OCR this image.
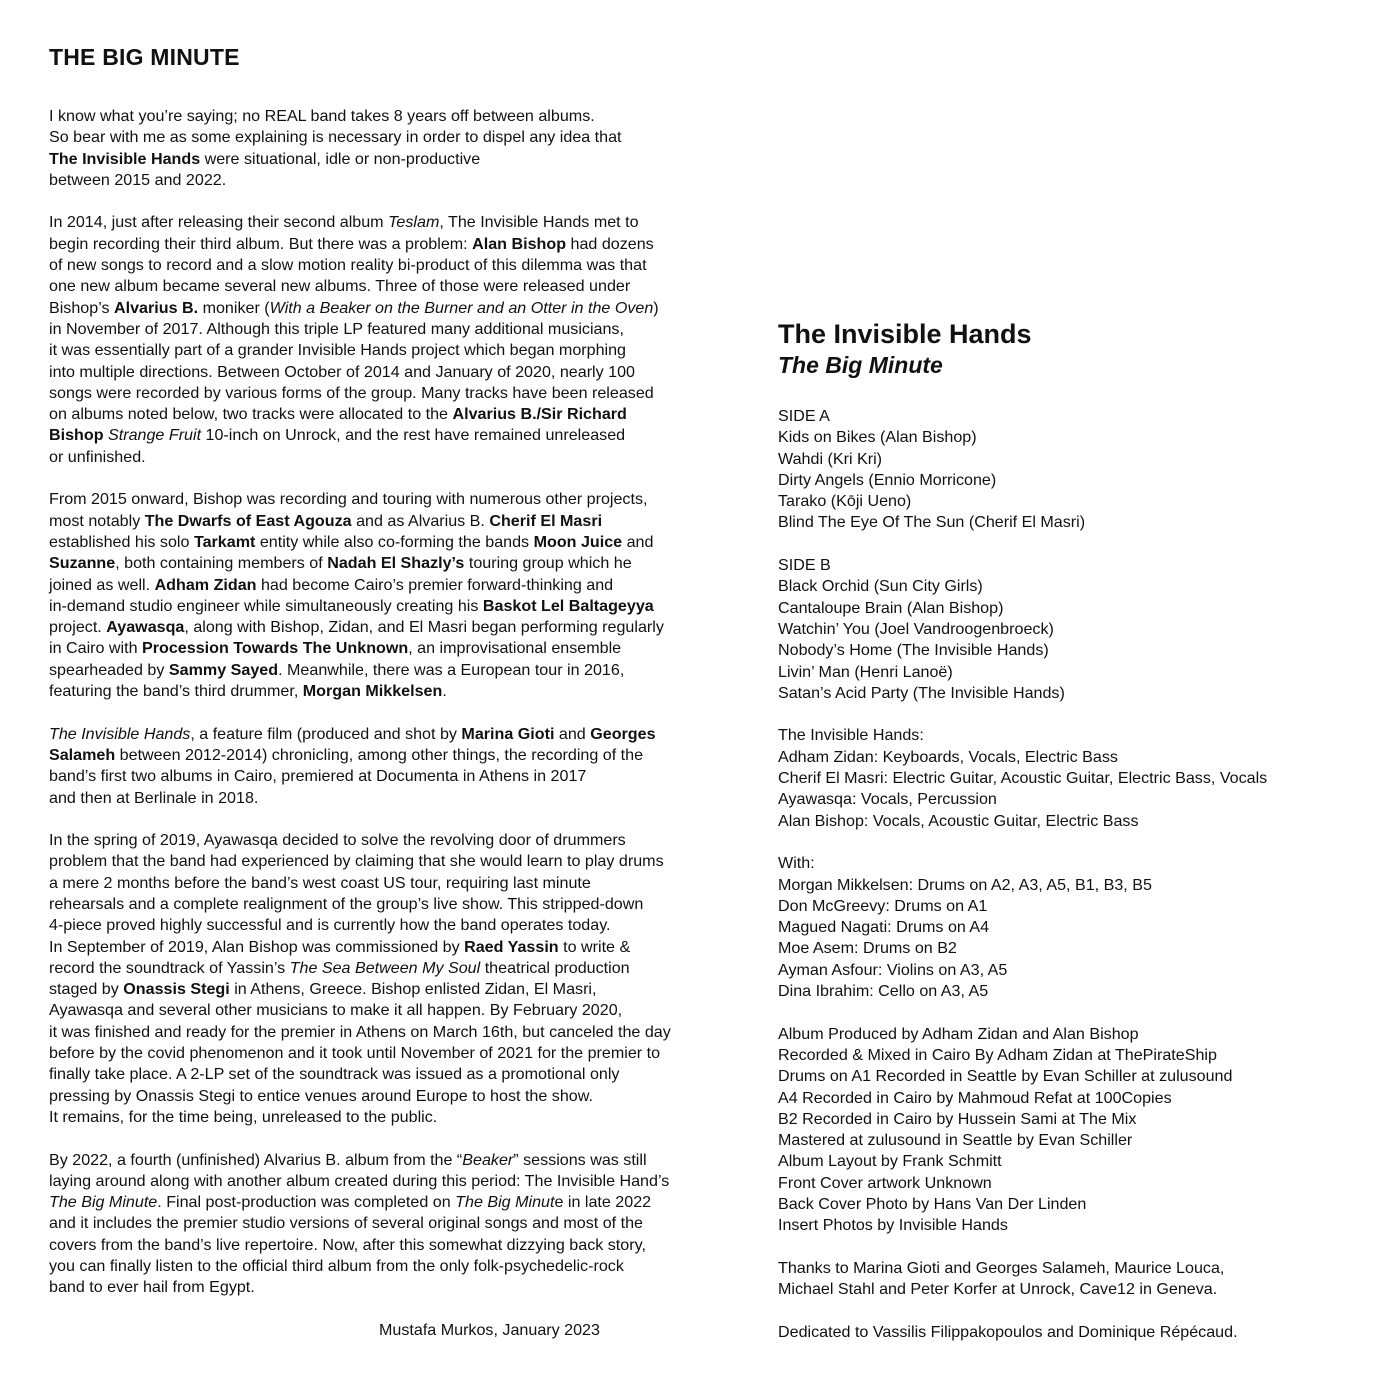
THE BIG MINUTE

I know what you’re saying; no REAL band takes 8 years off between albums.
So bear with me as some explaining is necessary in order to dispel any idea that
The Invisible Hands were situational, idle or non-productive
between 2015 and 2022.

In 2014, just after releasing their second album Teslam, The Invisible Hands met to
begin recording their third album. But there was a problem: Alan Bishop had dozens
of new songs to record and a slow motion reality bi-product of this dilemma was that
one new album became several new albums. Three of those were released under
Bishop’s Alvarius B. moniker (With a Beaker on the Burner and an Otter in the Oven)
in November of 2017. Although this triple LP featured many additional musicians,
it was essentially part of a grander Invisible Hands project which began morphing
into multiple directions. Between October of 2014 and January of 2020, nearly 100
songs were recorded by various forms of the group. Many tracks have been released
on albums noted below, two tracks were allocated to the Alvarius B./Sir Richard
Bishop Strange Fruit 10-inch on Unrock, and the rest have remained unreleased
or unfinished.

From 2015 onward, Bishop was recording and touring with numerous other projects,
most notably The Dwarfs of East Agouza and as Alvarius B. Cherif El Masri
established his solo Tarkamt entity while also co-forming the bands Moon Juice and
Suzanne, both containing members of Nadah El Shazly’s touring group which he
joined as well. Adham Zidan had become Cairo’s premier forward-thinking and
in-demand studio engineer while simultaneously creating his Baskot Lel Baltageyya
project. Ayawasqa, along with Bishop, Zidan, and El Masri began performing regularly
in Cairo with Procession Towards The Unknown, an improvisational ensemble
spearheaded by Sammy Sayed. Meanwhile, there was a European tour in 2016,
featuring the band’s third drummer, Morgan Mikkelsen.

The Invisible Hands, a feature film (produced and shot by Marina Gioti and Georges
Salameh between 2012-2014) chronicling, among other things, the recording of the
band’s first two albums in Cairo, premiered at Documenta in Athens in 2017
and then at Berlinale in 2018.

In the spring of 2019, Ayawasqa decided to solve the revolving door of drummers
problem that the band had experienced by claiming that she would learn to play drums
a mere 2 months before the band’s west coast US tour, requiring last minute
rehearsals and a complete realignment of the group’s live show. This stripped-down
4-piece proved highly successful and is currently how the band operates today.
In September of 2019, Alan Bishop was commissioned by Raed Yassin to write &
record the soundtrack of Yassin’s The Sea Between My Soul theatrical production
staged by Onassis Stegi in Athens, Greece. Bishop enlisted Zidan, El Masri,
Ayawasqa and several other musicians to make it all happen. By February 2020,
it was finished and ready for the premier in Athens on March 16th, but canceled the day
before by the covid phenomenon and it took until November of 2021 for the premier to
finally take place. A 2-LP set of the soundtrack was issued as a promotional only
pressing by Onassis Stegi to entice venues around Europe to host the show.
It remains, for the time being, unreleased to the public.

By 2022, a fourth (unfinished) Alvarius B. album from the “Beaker” sessions was still
laying around along with another album created during this period: The Invisible Hand’s
The Big Minute. Final post-production was completed on The Big Minute in late 2022
and it includes the premier studio versions of several original songs and most of the
covers from the band’s live repertoire. Now, after this somewhat dizzying back story,
you can finally listen to the official third album from the only folk-psychedelic-rock
band to ever hail from Egypt.

Mustafa Murkos, January 2023
The Invisible Hands
The Big Minute
SIDE A
Kids on Bikes (Alan Bishop)
Wahdi (Kri Kri)
Dirty Angels (Ennio Morricone)
Tarako (Kōji Ueno)
Blind The Eye Of The Sun (Cherif El Masri)
SIDE B
Black Orchid (Sun City Girls)
Cantaloupe Brain (Alan Bishop)
Watchin’ You (Joel Vandroogenbroeck)
Nobody’s Home (The Invisible Hands)
Livin’ Man (Henri Lanoë)
Satan’s Acid Party (The Invisible Hands)
The Invisible Hands:
Adham Zidan: Keyboards, Vocals, Electric Bass
Cherif El Masri: Electric Guitar, Acoustic Guitar, Electric Bass, Vocals
Ayawasqa: Vocals, Percussion
Alan Bishop: Vocals, Acoustic Guitar, Electric Bass
With:
Morgan Mikkelsen: Drums on A2, A3, A5, B1, B3, B5
Don McGreevy: Drums on A1
Magued Nagati: Drums on A4
Moe Asem: Drums on B2
Ayman Asfour: Violins on A3, A5
Dina Ibrahim: Cello on A3, A5
Album Produced by Adham Zidan and Alan Bishop
Recorded & Mixed in Cairo By Adham Zidan at ThePirateShip
Drums on A1 Recorded in Seattle by Evan Schiller at zulusound
A4 Recorded in Cairo by Mahmoud Refat at 100Copies
B2 Recorded in Cairo by Hussein Sami at The Mix
Mastered at zulusound in Seattle by Evan Schiller
Album Layout by Frank Schmitt
Front Cover artwork Unknown
Back Cover Photo by Hans Van Der Linden
Insert Photos by Invisible Hands
Thanks to Marina Gioti and Georges Salameh, Maurice Louca,
Michael Stahl and Peter Korfer at Unrock, Cave12 in Geneva.
Dedicated to Vassilis Filippakopoulos and Dominique Répécaud.
